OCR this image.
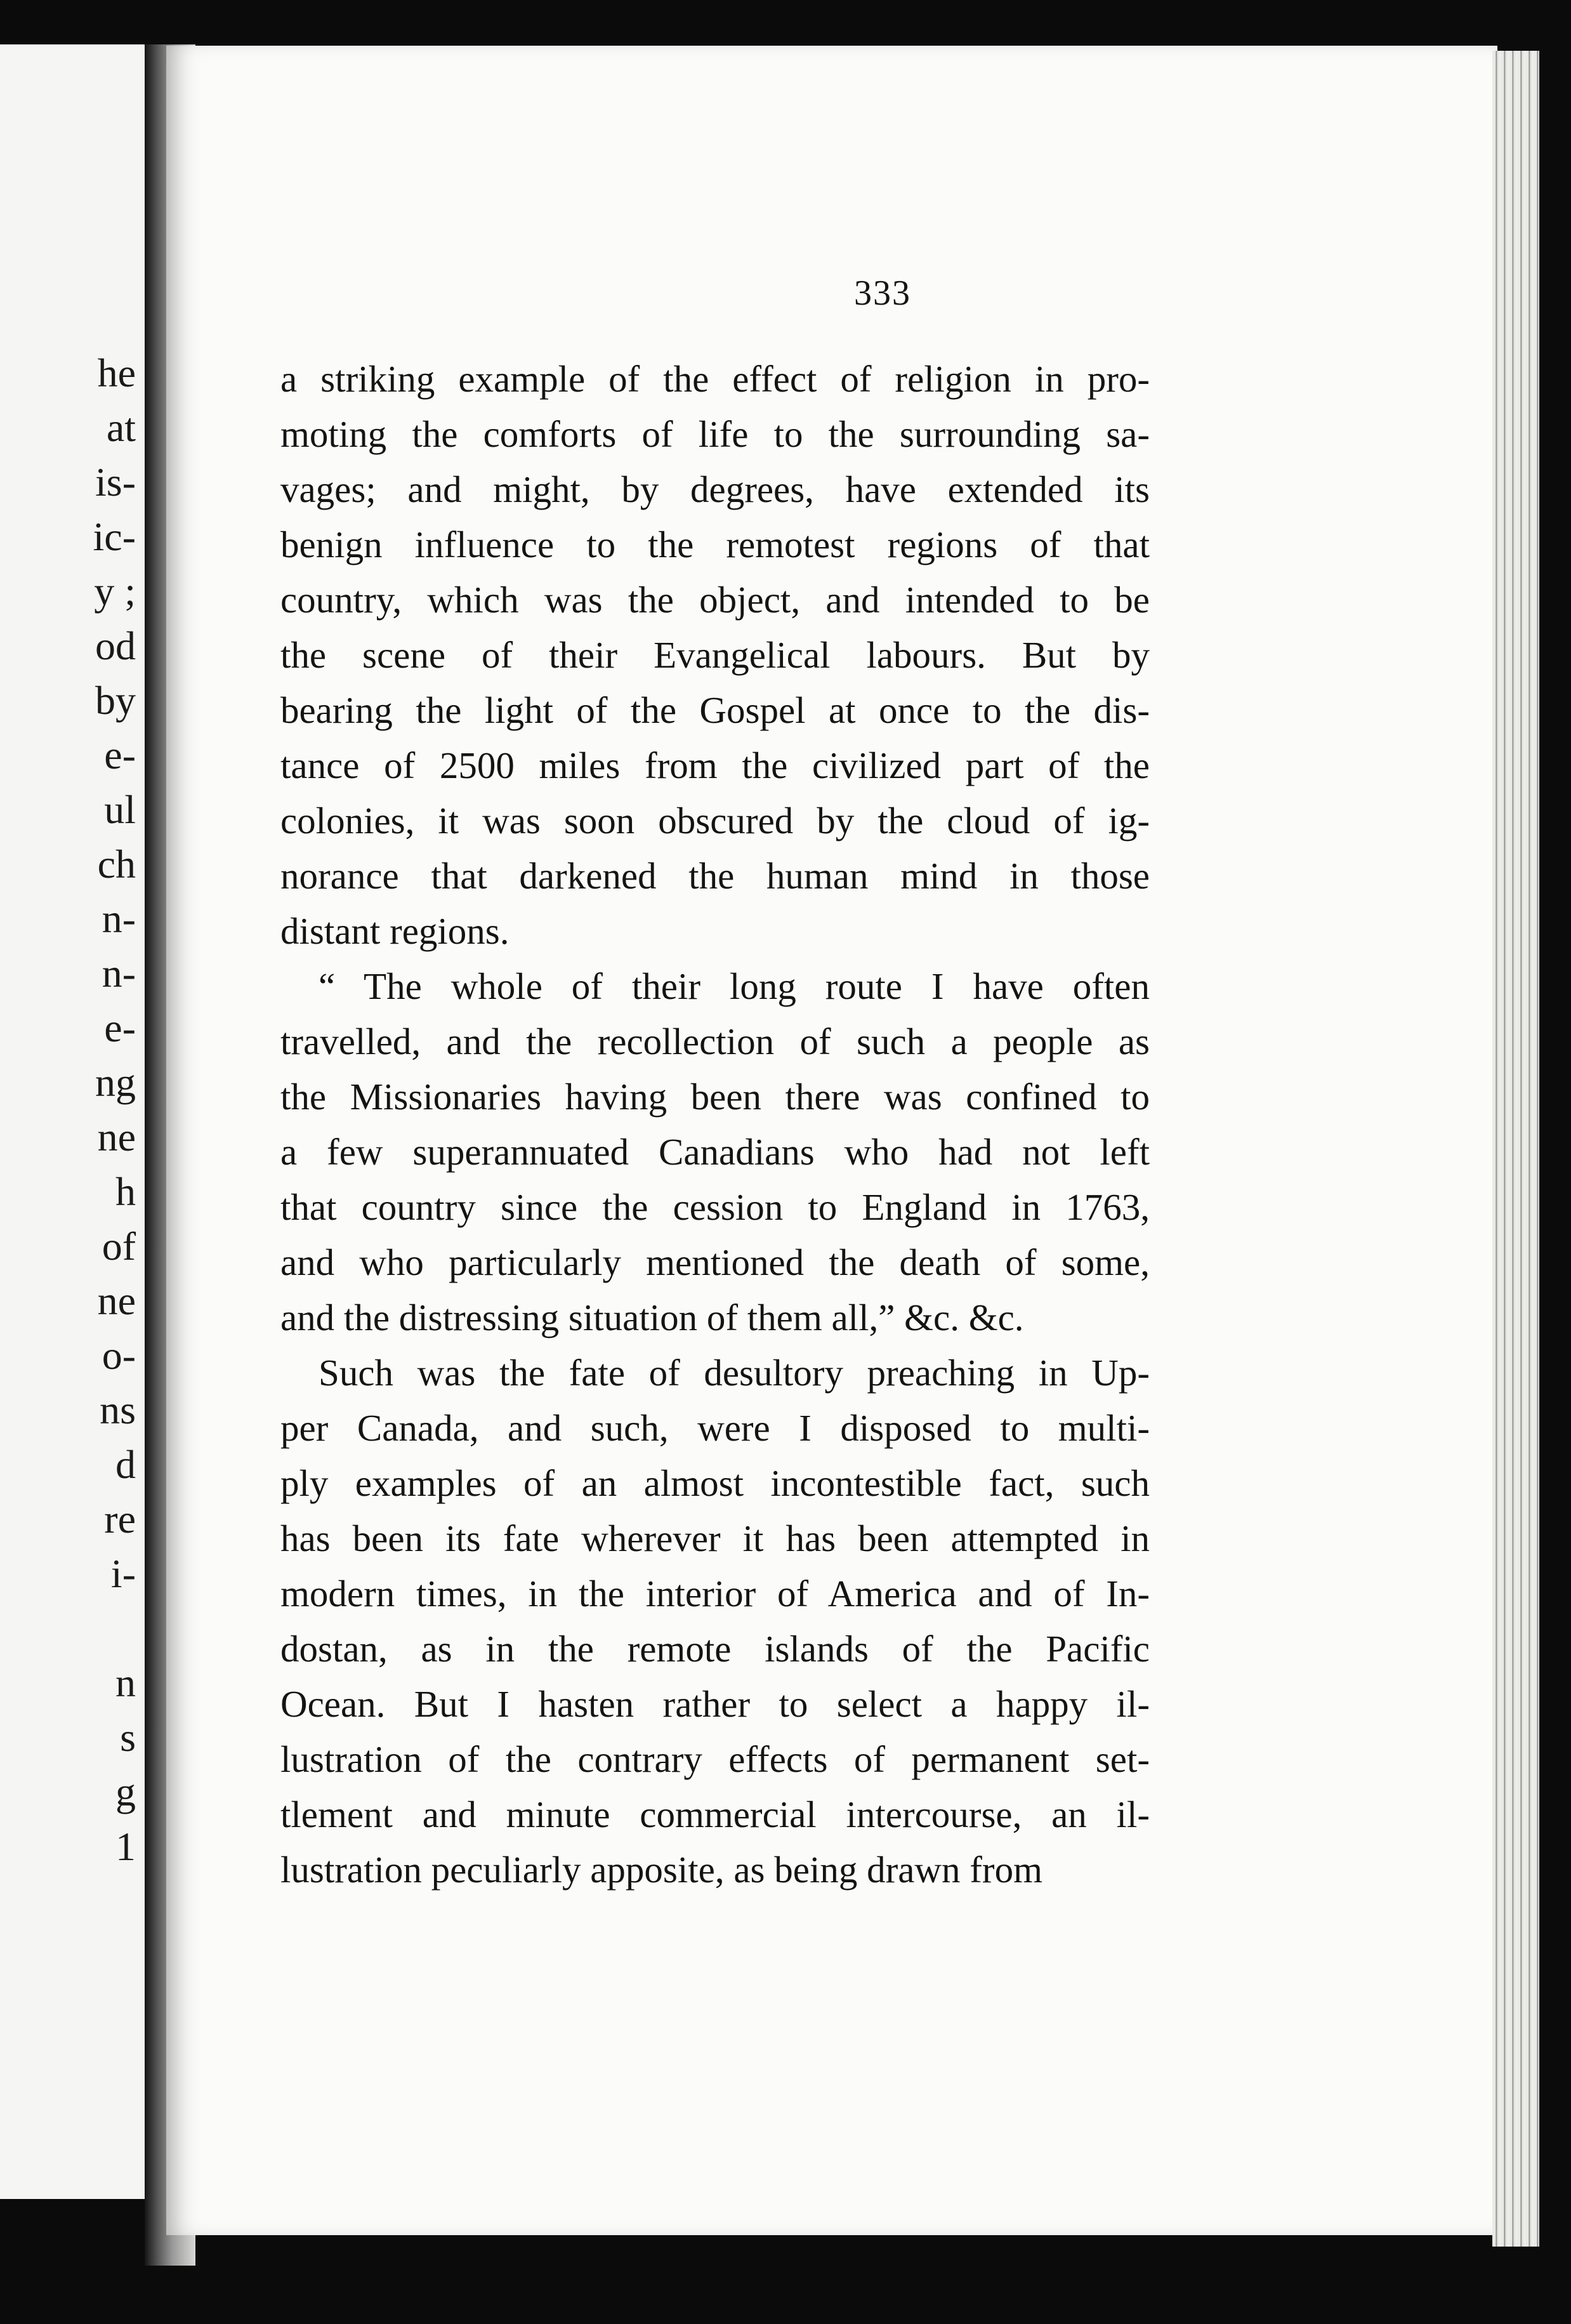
he
at
is-
ic-
y ;
od
by
e-
ul
ch
n-
n-
e-
ng
ne
h
of
ne
o-
ns
d
re
i-
n
s
g
1
333
a striking example of the effect of religion in pro-
moting the comforts of life to the surrounding sa-
vages; and might, by degrees, have extended its
benign influence to the remotest regions of that
country, which was the object, and intended to be
the scene of their Evangelical labours. But by
bearing the light of the Gospel at once to the dis-
tance of 2500 miles from the civilized part of the
colonies, it was soon obscured by the cloud of ig-
norance that darkened the human mind in those
distant regions.
“ The whole of their long route I have often
travelled, and the recollection of such a people as
the Missionaries having been there was confined to
a few superannuated Canadians who had not left
that country since the cession to England in 1763,
and who particularly mentioned the death of some,
and the distressing situation of them all,” &c. &c.
Such was the fate of desultory preaching in Up-
per Canada, and such, were I disposed to multi-
ply examples of an almost incontestible fact, such
has been its fate wherever it has been attempted in
modern times, in the interior of America and of In-
dostan, as in the remote islands of the Pacific
Ocean. But I hasten rather to select a happy il-
lustration of the contrary effects of permanent set-
tlement and minute commercial intercourse, an il-
lustration peculiarly apposite, as being drawn from
